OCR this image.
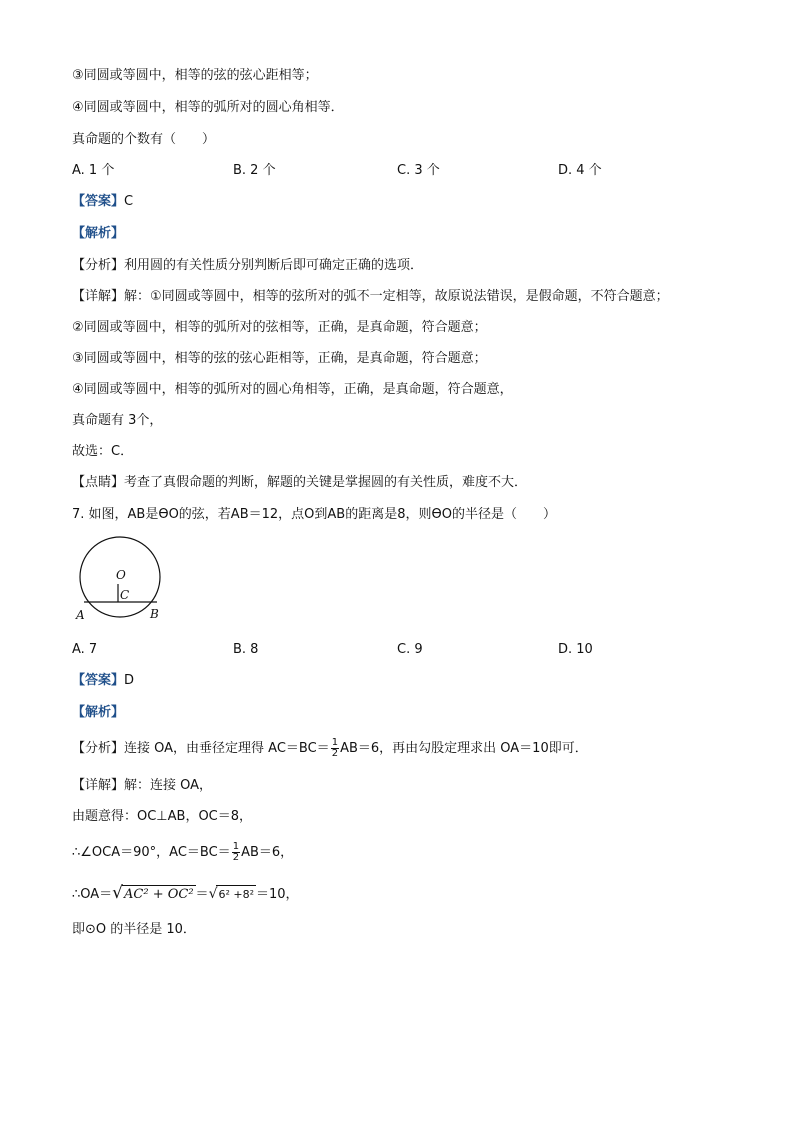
③同圆或等圆中，相等的弦的弦心距相等；
④同圆或等圆中，相等的弧所对的圆心角相等．
真命题的个数有（　　）
A. 1 个	B. 2 个	C. 3 个	D. 4 个
【答案】C
【解析】
【分析】利用圆的有关性质分别判断后即可确定正确的选项．
【详解】解：①同圆或等圆中，相等的弦所对的弧不一定相等，故原说法错误，是假命题，不符合题意；
②同圆或等圆中，相等的弧所对的弦相等，正确，是真命题，符合题意；
③同圆或等圆中，相等的弦的弦心距相等，正确，是真命题，符合题意；
④同圆或等圆中，相等的弧所对的圆心角相等，正确，是真命题，符合题意，
真命题有 3个，
故选：C．
【点睛】考查了真假命题的判断，解题的关键是掌握圆的有关性质，难度不大．
7. 如图，AB是ϴO的弦，若AB＝12，点O到AB的距离是8，则ϴO的半径是（　　）
O
C
A	B
A. 7	B. 8	C. 9	D. 10
【答案】D
【解析】
【分析】连接 OA，由垂径定理得 $AC=BC= \frac{1}{2} AB=6$，再由勾股定理求出 OA＝10即可．
【详解】解：连接 OA，
由题意得：OC⊥AB，OC＝8，
∴∠OCA＝90°，$AC=BC= \frac{1}{2} AB=6$，
∴OA＝√AC² + OC² ＝√6² +8² ＝10，
即⊙O 的半径是 10．
